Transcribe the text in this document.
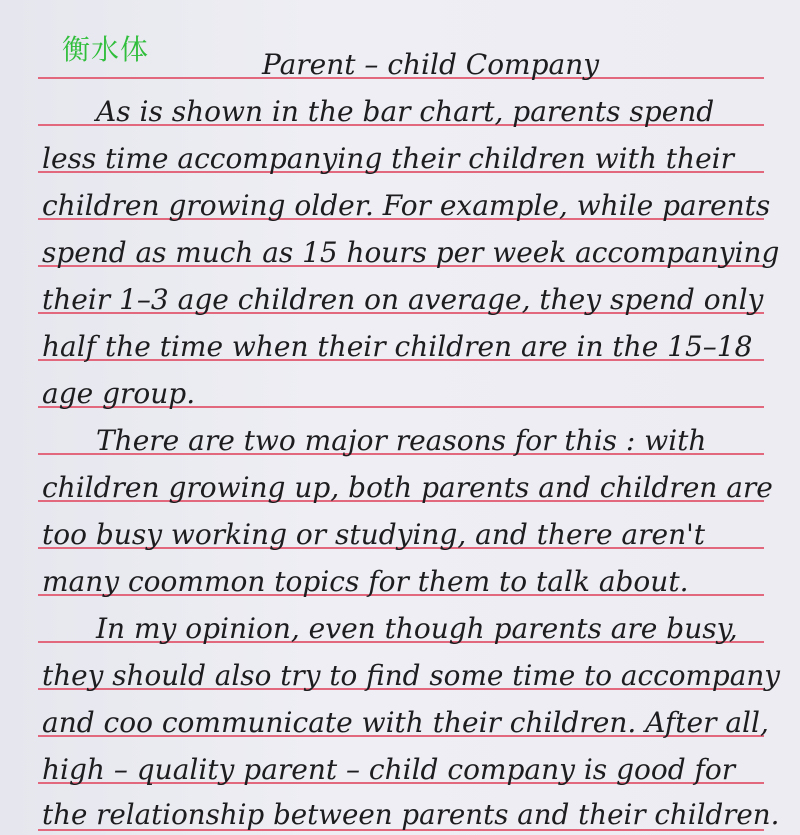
衡水体	Parent – child Company
As is shown in the bar chart, parents spend
less time accompanying their children with their
children growing older. For example, while parents
spend as much as 15 hours per week accompanying
their 1–3 age children on average, they spend only
half the time when their children are in the 15–18
age group.
There are two major reasons for this : with
children growing up, both parents and children are
too busy working or studying, and there aren't
many coommon topics for them to talk about.
In my opinion, even though parents are busy,
they should also try to find some time to accompany
and coo communicate with their children. After all,
high – quality parent – child company is good for
the relationship between parents and their children.
